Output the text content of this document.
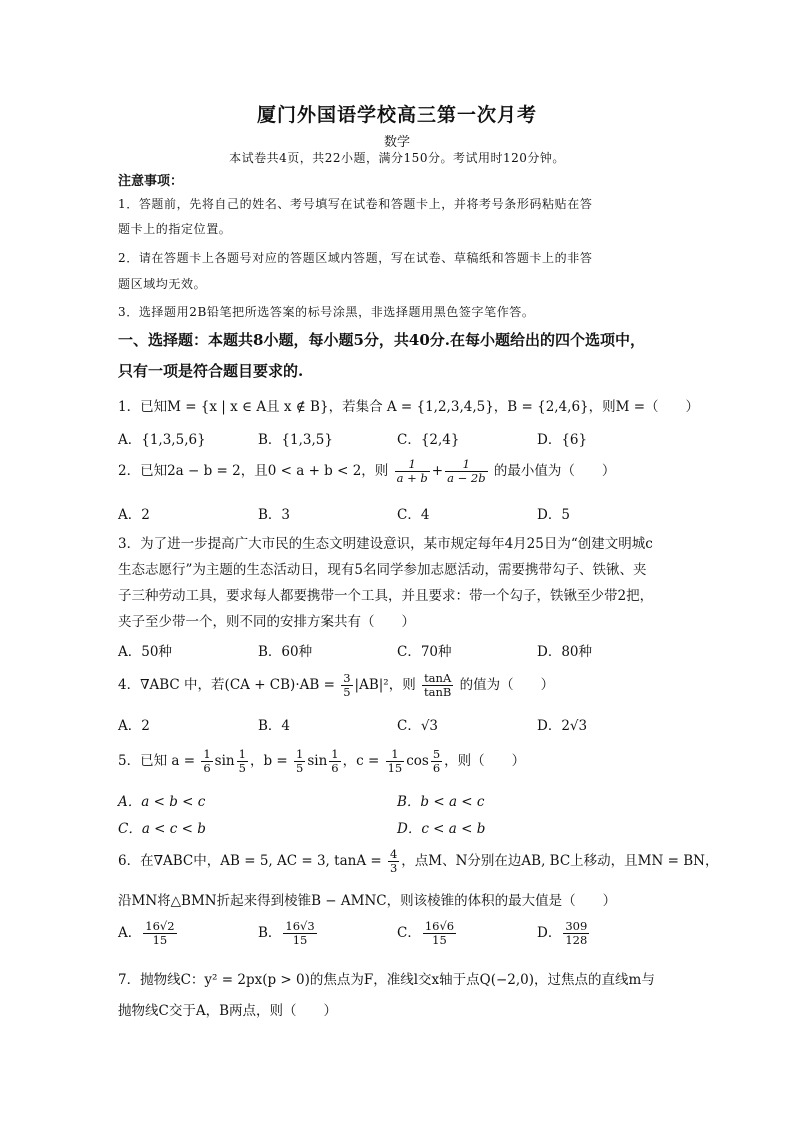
厦门外国语学校高三第一次月考
数学
本试卷共4页，共22小题，满分150分。考试用时120分钟。
注意事项：
1．答题前，先将自己的姓名、考号填写在试卷和答题卡上，并将考号条形码粘贴在答
题卡上的指定位置。
2．请在答题卡上各题号对应的答题区域内答题，写在试卷、草稿纸和答题卡上的非答
题区域均无效。
3．选择题用2B铅笔把所选答案的标号涂黑，非选择题用黑色签字笔作答。
一、选择题：本题共8小题，每小题5分，共40分.在每小题给出的四个选项中，
只有一项是符合题目要求的.
1．已知M = {x | x ∈ A且 x ∉ B}，若集合 A = {1,2,3,4,5}，B = {2,4,6}，则M =（　　）
A．{1,3,5,6}	B．{1,3,5}	C．{2,4}	D．{6}
2．已知2a − b = 2，且0 < a + b < 2，则 $\frac{1}{a + b} + \frac{1}{a - 2b}$ 的最小值为（　　）
A．2	B．3	C．4	D．5
3．为了进一步提高广大市民的生态文明建设意识，某市规定每年4月25日为“创建文明城c
生态志愿行”为主题的生态活动日，现有5名同学参加志愿活动，需要携带勾子、铁锹、夹
子三种劳动工具，要求每人都要携带一个工具，并且要求：带一个勾子，铁锹至少带2把，
夹子至少带一个，则不同的安排方案共有（　　）
A．50种	B．60种	C．70种	D．80种
4．∇ABC 中，若$(CA + CB)\cdot AB = \frac{3}{5} |AB|^2$，则 $\frac{\tan A}{\tan B}$ 的值为（　　）
A．2	B．4	C．√3	D．2√3
5．已知 $a = \frac{1}{6}$ $\sin \frac{1}{5}$ ，$b = \frac{1}{5}$ $\sin \frac{1}{6}$ ，$c = \frac{1}{15}$ $\cos \frac{5}{6}$ ，则（　　）
A．a < b < c	B．b < a < c
C．a < c < b	D．c < a < b
6．在∇ABC中，AB = 5, AC = 3, $\tan A = \frac{4}{3}$ ，点M、N分别在边AB, BC上移动，且MN = BN，
沿MN将△BMN折起来得到棱锥B − AMNC，则该棱锥的体积的最大值是（　　）
A． $\frac{16√2}{15}$	B． $\frac{16√3}{15}$	C． $\frac{16√6}{15}$	D． $\frac{309}{128}$
7．抛物线C：y² = 2px(p > 0)的焦点为F，准线l交x轴于点Q(−2,0)，过焦点的直线m与
抛物线C交于A，B两点，则（　　）
